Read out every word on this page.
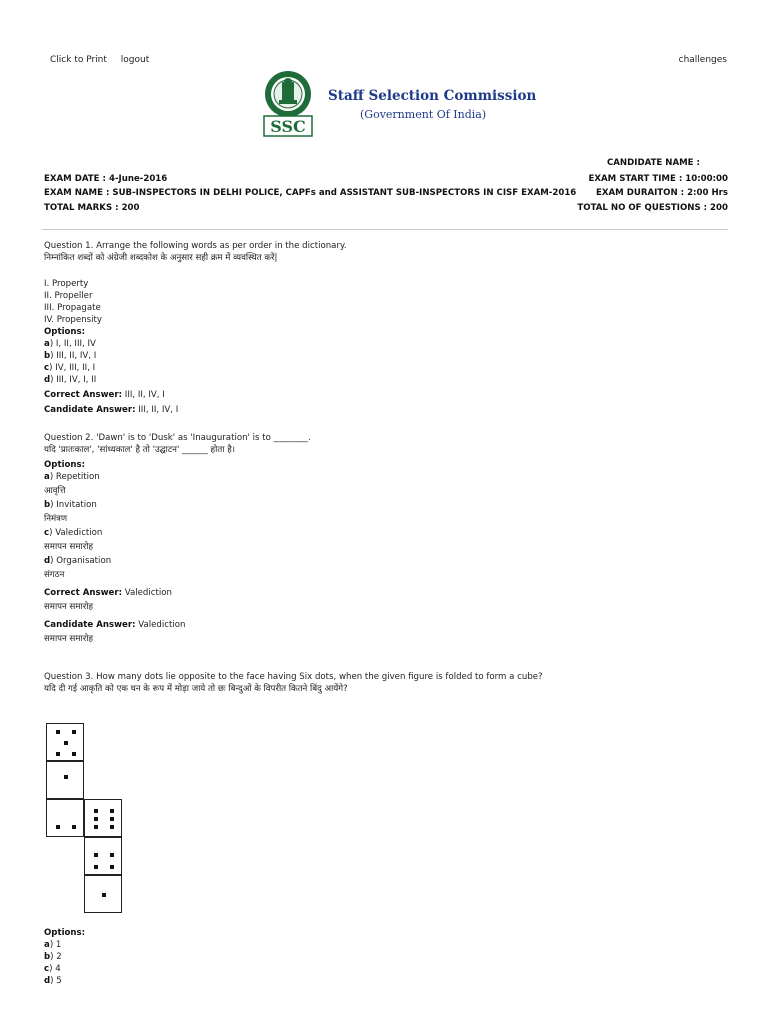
Click to Print logout	challenges
SSC
Staff Selection Commission
(Government Of India)
CANDIDATE NAME :
EXAM DATE : 4-June-2016	EXAM START TIME : 10:00:00
EXAM NAME : SUB-INSPECTORS IN DELHI POLICE, CAPFs and ASSISTANT SUB-INSPECTORS IN CISF EXAM-2016 EXAM DURAITON : 2:00 Hrs
TOTAL MARKS : 200	TOTAL NO OF QUESTIONS : 200
Question 1. Arrange the following words as per order in the dictionary.
निम्नांकित शब्दों को अंग्रेजी शब्दकोश के अनुसार सही क्रम में व्यवस्थित करें|
I. Property
II. Propeller
III. Propagate
IV. Propensity
Options:
a) I, II, III, IV
b) III, II, IV, I
c) IV, III, II, I
d) III, IV, I, II
Correct Answer: III, II, IV, I
Candidate Answer: III, II, IV, I
Question 2. 'Dawn' is to 'Dusk' as 'Inauguration' is to ________.
यदि 'प्रातःकाल', 'सांध्यकाल' है तो 'उद्घाटन' ______ होता है।
Options:
a) Repetition
आवृत्ति
b) Invitation
निमंत्रण
c) Valediction
समापन समारोह
d) Organisation
संगठन
Correct Answer: Valediction
समापन समारोह
Candidate Answer: Valediction
समापन समारोह
Question 3. How many dots lie opposite to the face having Six dots, when the given figure is folded to form a cube?
यदि दी गई आकृति को एक घन के रूप में मोड़ा जाये तो छः बिन्दुओं के विपरीत कितने बिंदु आयेंगे?
Options:
a) 1
b) 2
c) 4
d) 5
